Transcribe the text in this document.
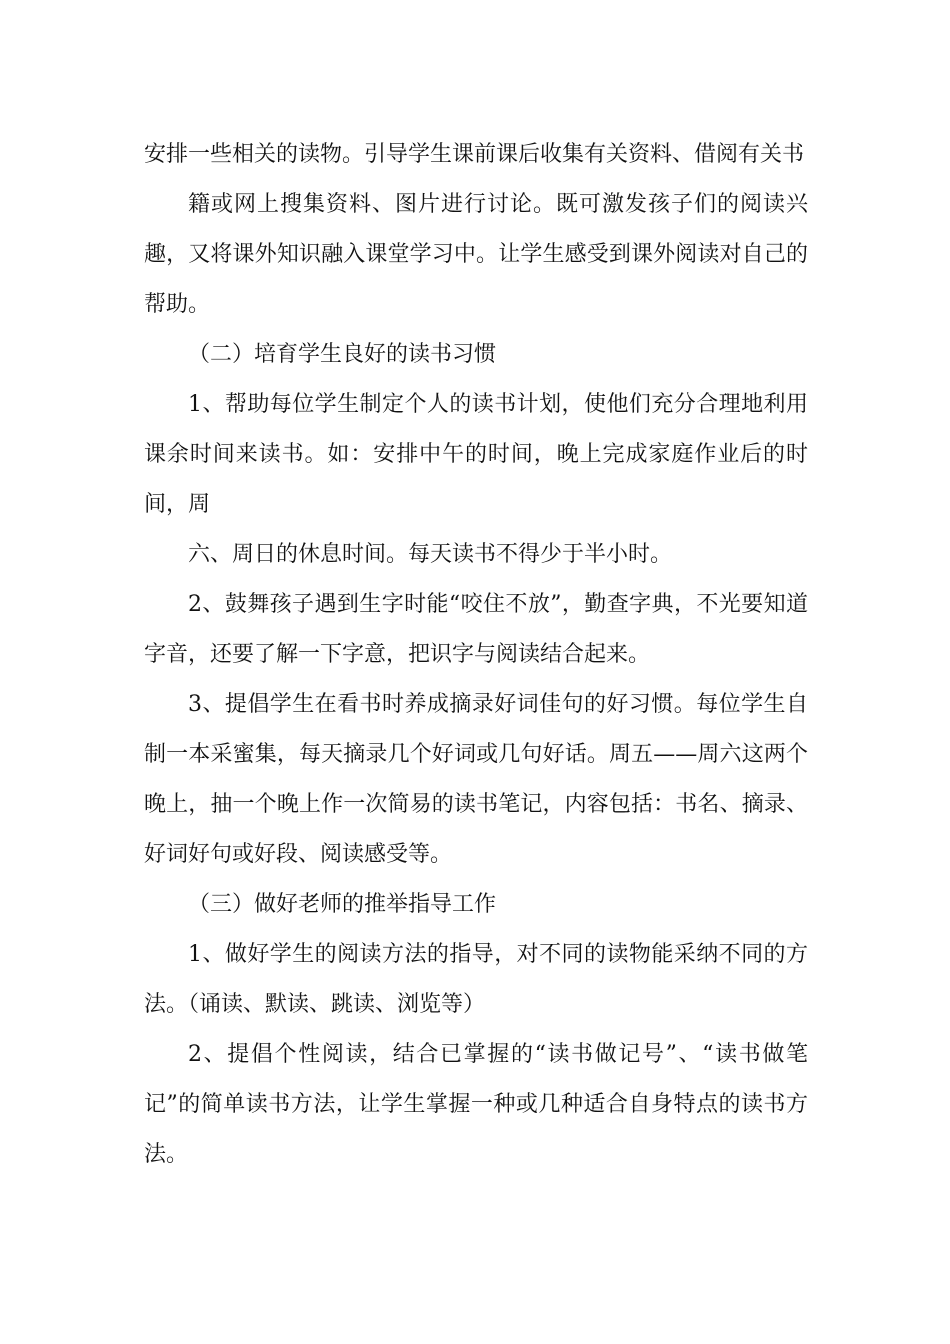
安排一些相关的读物。引导学生课前课后收集有关资料、借阅有关书

籍或网上搜集资料、图片进行讨论。既可激发孩子们的阅读兴趣，又将课外知识融入课堂学习中。让学生感受到课外阅读对自己的帮助。

（二）培育学生良好的读书习惯

1、帮助每位学生制定个人的读书计划，使他们充分合理地利用课余时间来读书。如：安排中午的时间，晚上完成家庭作业后的时间，周

六、周日的休息时间。每天读书不得少于半小时。

2、鼓舞孩子遇到生字时能“咬住不放”，勤查字典，不光要知道字音，还要了解一下字意，把识字与阅读结合起来。

3、提倡学生在看书时养成摘录好词佳句的好习惯。每位学生自制一本采蜜集，每天摘录几个好词或几句好话。周五——周六这两个晚上，抽一个晚上作一次简易的读书笔记，内容包括：书名、摘录、好词好句或好段、阅读感受等。

（三）做好老师的推举指导工作

1、做好学生的阅读方法的指导，对不同的读物能采纳不同的方法。（诵读、默读、跳读、浏览等）

2、提倡个性阅读，结合已掌握的“读书做记号”、“读书做笔记”的简单读书方法，让学生掌握一种或几种适合自身特点的读书方法。
